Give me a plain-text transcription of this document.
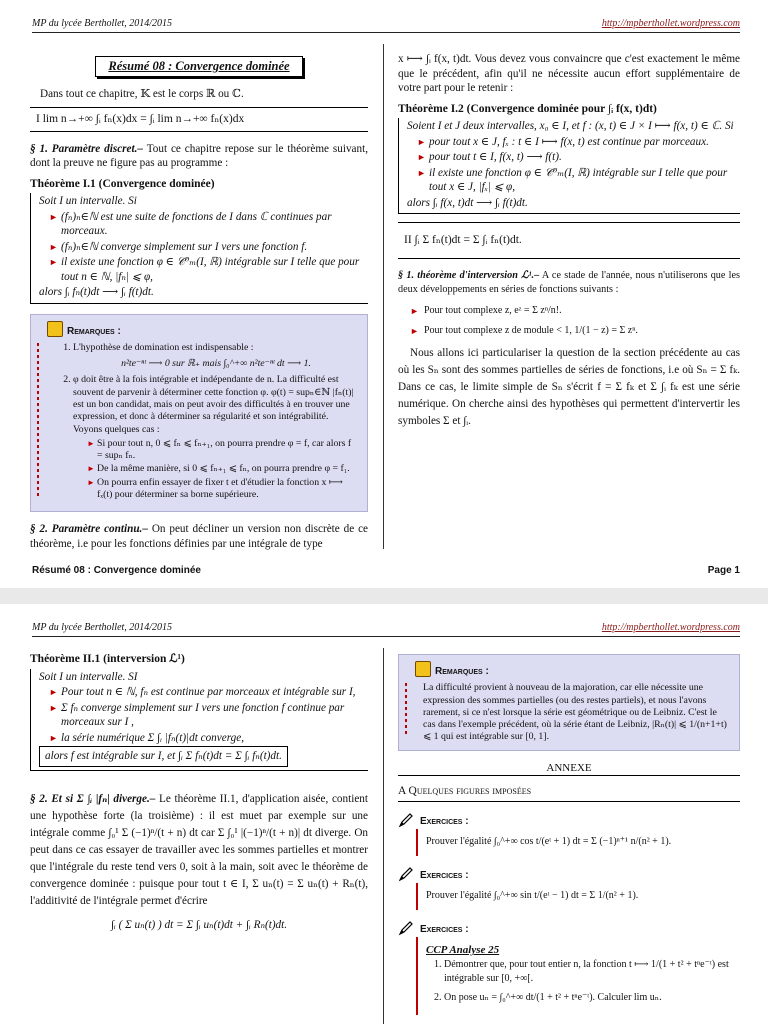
MP du lycée Berthollet, 2014/2015	http://mpberthollet.wordpress.com
Résumé 08 : Convergence dominée

Dans tout ce chapitre, 𝕂 est le corps ℝ ou ℂ.

I lim n→+∞ ∫ᵢ fₙ(x)dx = ∫ᵢ lim n→+∞ fₙ(x)dx

§ 1. Paramètre discret.– Tout ce chapitre repose sur le théorème suivant, dont la preuve ne figure pas au programme :

Théorème I.1 (Convergence dominée)
Soit I un intervalle. Si
► (fₙ)ₙ∈ℕ est une suite de fonctions de I dans ℂ continues par morceaux.
► (fₙ)ₙ∈ℕ converge simplement sur I vers une fonction f.
► il existe une fonction φ ∈ 𝒞⁰ₘ(I, ℝ) intégrable sur I telle que pour tout n ∈ ℕ, |fₙ| ⩽ φ,
alors ∫ᵢ fₙ(t)dt ⟶ ∫ᵢ f(t)dt.
Remarques :
1. L'hypothèse de domination est indispensable :
n²te⁻ⁿᵗ ⟶ 0 sur ℝ₊ mais ∫₀^+∞ n²te⁻ⁿᵗ dt ⟶ 1.
2. φ doit être à la fois intégrable et indépendante de n. La difficulté est souvent de parvenir à déterminer cette fonction φ. φ(t) = supₙ∈ℕ |fₙ(t)| est un bon candidat, mais on peut avoir des difficultés à en trouver une expression, et donc à déterminer sa régularité et son intégrabilité. Voyons quelques cas :
► Si pour tout n, 0 ⩽ fₙ ⩽ fₙ₊₁, on pourra prendre φ = f, car alors f = supₙ fₙ.
► De la même manière, si 0 ⩽ fₙ₊₁ ⩽ fₙ, on pourra prendre φ = f₁.
► On pourra enfin essayer de fixer t et d'étudier la fonction x ⟼ fₓ(t) pour déterminer sa borne supérieure.

§ 2. Paramètre continu.– On peut décliner un version non discrète de ce théorème, i.e pour les fonctions définies par une intégrale de type

x ⟼ ∫ᵢ f(x, t)dt. Vous devez vous convaincre que c'est exactement le même que le précédent, afin qu'il ne nécessite aucun effort supplémentaire de votre part pour le retenir :

Théorème I.2 (Convergence dominée pour ∫ᵢ f(x, t)dt)
Soient I et J deux intervalles, x₀ ∈ I, et f : (x, t) ∈ J × I ⟼ f(x, t) ∈ ℂ. Si
► pour tout x ∈ J, fₓ : t ∈ I ⟼ f(x, t) est continue par morceaux.
► pour tout t ∈ I, f(x, t) ⟶ f(t).
► il existe une fonction φ ∈ 𝒞⁰ₘ(I, ℝ) intégrable sur I telle que pour tout x ∈ J, |fₓ| ⩽ φ,
alors ∫ᵢ f(x, t)dt ⟶ ∫ᵢ f(t)dt.
II ∫ᵢ Σ fₙ(t)dt = Σ ∫ᵢ fₙ(t)dt.

§ 1. théorème d'interversion ℒ¹.– A ce stade de l'année, nous n'utiliserons que les deux développements en séries de fonctions suivants :

► Pour tout complexe z, eᶻ = Σ zⁿ/n!.
► Pour tout complexe z de module < 1, 1/(1 − z) = Σ zⁿ.

Nous allons ici particulariser la question de la section précédente au cas où les Sₙ sont des sommes partielles de séries de fonctions, i.e où Sₙ = Σ fₖ. Dans ce cas, le limite simple de Sₙ s'écrit f = Σ fₖ et Σ ∫ᵢ fₖ est une série numérique. On cherche ainsi des hypothèses qui permettent d'intervertir les symboles Σ et ∫ᵢ.

Résumé 08 : Convergence dominée	Page 1
MP du lycée Berthollet, 2014/2015	http://mpberthollet.wordpress.com
Théorème II.1 (interversion ℒ¹)
Soit I un intervalle. SI
► Pour tout n ∈ ℕ, fₙ est continue par morceaux et intégrable sur I,
► Σ fₙ converge simplement sur I vers une fonction f continue par morceaux sur I ,
► la série numérique Σ ∫ᵢ |fₙ(t)|dt converge,
alors f est intégrable sur I, et ∫ᵢ Σ fₙ(t)dt = Σ ∫ᵢ fₙ(t)dt.

§ 2. Et si Σ ∫ᵢ |fₙ| diverge.– Le théorème II.1, d'application aisée, contient une hypothèse forte (la troisième) : il est muet par exemple sur une intégrale comme ∫₀¹ Σ (−1)ⁿ/(t + n) dt car Σ ∫₀¹ |(−1)ⁿ/(t + n)| dt diverge. On peut dans ce cas essayer de travailler avec les sommes partielles et montrer que l'intégrale du reste tend vers 0, soit à la main, soit avec le théorème de convergence dominée : puisque pour tout t ∈ I, Σ uₙ(t) = Σ uₙ(t) + Rₙ(t), l'additivité de l'intégrale permet d'écrire

∫ᵢ ( Σ uₙ(t) ) dt = Σ ∫ᵢ uₙ(t)dt + ∫ᵢ Rₙ(t)dt.
Remarques :
La difficulté provient à nouveau de la majoration, car elle nécessite une expression des sommes partielles (ou des restes partiels), et nous l'avons rarement, si ce n'est lorsque la série est géométrique ou de Leibniz. C'est le cas dans l'exemple précédent, où la série étant de Leibniz, |Rₙ(t)| ⩽ 1/(n+1+t) ⩽ 1 qui est intégrable sur [0, 1].
ANNEXE
A Quelques figures imposées
Exercices :
Prouver l'égalité ∫₀^+∞ cos t/(eᵗ + 1) dt = Σ (−1)ⁿ⁺¹ n/(n² + 1).
Exercices :
Prouver l'égalité ∫₀^+∞ sin t/(eᵗ − 1) dt = Σ 1/(n² + 1).
Exercices :
CCP Analyse 25
1. Démontrer que, pour tout entier n, la fonction t ⟼ 1/(1 + t² + tⁿe⁻ᵗ) est intégrable sur [0, +∞[.
2. On pose uₙ = ∫₀^+∞ dt/(1 + t² + tⁿe⁻ᵗ). Calculer lim uₙ.
